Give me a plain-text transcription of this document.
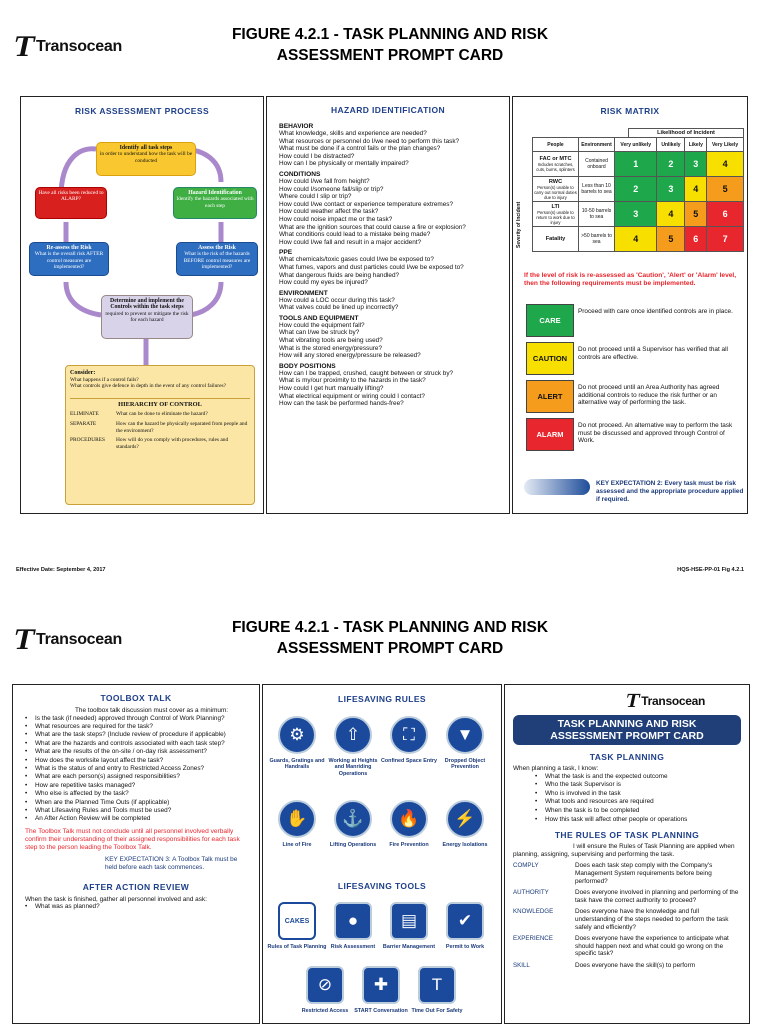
T
Transocean
FIGURE 4.2.1 - TASK PLANNING AND RISK
ASSESSMENT PROMPT CARD
RISK ASSESSMENT PROCESS
Identify all task steps
in order to understand how the task will be conducted
Have all risks been reduced to ALARP?
Hazard Identification
Identify the hazards associated with each step
Re-assess the Risk
What is the overall risk AFTER control measures are implemented?
Assess the Risk
What is the risk of the hazards BEFORE control measures are implemented?
Determine and implement the Controls within the task steps
required to prevent or mitigate the risk for each hazard
Consider:
What happens if a control fails?
What controls give defence in depth in the event of any control failures?
HIERARCHY OF CONTROL
ELIMINATE	What can be done to eliminate the hazard?
SEPARATE	How can the hazard be physically separated from people and the environment?
PROCEDURES	How will do you comply with procedures, rules and standards?
HAZARD IDENTIFICATION
BEHAVIOR
What knowledge, skills and experience are needed?
What resources or personnel do I/we need to perform this task?
What must be done if a control fails or the plan changes?
How could I be distracted?
How can I be physically or mentally impaired?
CONDITIONS
How could I/we fall from height?
How could I/someone fall/slip or trip?
Where could I slip or trip?
How could I/we contact or experience temperature extremes?
How could weather affect the task?
How could noise impact me or the task?
What are the ignition sources that could cause a fire or explosion?
What conditions could lead to a mistake being made?
How could I/we fall and result in a major accident?
PPE
What chemicals/toxic gases could I/we be exposed to?
What fumes, vapors and dust particles could I/we be exposed to?
What dangerous fluids are being handled?
How could my eyes be injured?
ENVIRONMENT
How could a LOC occur during this task?
What valves could be lined up incorrectly?
TOOLS AND EQUIPMENT
How could the equipment fall?
What can I/we be struck by?
What vibrating tools are being used?
What is the stored energy/pressure?
How will any stored energy/pressure be released?
BODY POSITIONS
How can I be trapped, crushed, caught between or struck by?
What is my/our proximity to the hazards in the task?
How could I get hurt manually lifting?
What electrical equipment or wiring could I contact?
How can the task be performed hands-free?
RISK MATRIX
Likelihood of Incident
Severity of Incident
People	Environment	Very unlikely	Unlikely	Likely	Very Likely

FAC or MTC
Includes scratches, cuts, burns, splinters	Contained onboard	1	2	3	4

RWC
Person(s) unable to carry out normal duties due to injury	Less than 10 barrels to sea	2	3	4	5

LTI
Person(s) unable to return to work due to injury	10-50 barrels to sea	3	4	5	6

Fatality	>50 barrels to sea	4	5	6	7
If the level of risk is re-assessed as 'Caution', 'Alert' or 'Alarm' level, then the following requirements must be implemented.
CARE
Proceed with care once identified controls are in place.
CAUTION
Do not proceed until a Supervisor has verified that all controls are effective.
ALERT
Do not proceed until an Area Authority has agreed additional controls to reduce the risk further or an alternative way of performing the task.
ALARM
Do not proceed. An alternative way to perform the task must be discussed and approved through Control of Work.
KEY EXPECTATION 2: Every task must be risk assessed and the appropriate procedure applied if required.
Effective Date: September 4, 2017	HQS-HSE-PP-01 Fig 4.2.1
T
Transocean
FIGURE 4.2.1 - TASK PLANNING AND RISK
ASSESSMENT PROMPT CARD
TOOLBOX TALK
The toolbox talk discussion must cover as a minimum:
• Is the task (if needed) approved through Control of Work Planning?
• What resources are required for the task?
• What are the task steps? (Include review of procedure if applicable)
• What are the hazards and controls associated with each task step?
• What are the results of the on-site / on-day risk assessment?
• How does the worksite layout affect the task?
• What is the status of and entry to Restricted Access Zones?
• What are each person(s) assigned responsibilities?
• How are repetitive tasks managed?
• Who else is affected by the task?
• When are the Planned Time Outs (if applicable)
• What Lifesaving Rules and Tools must be used?
• An After Action Review will be completed
The Toolbox Talk must not conclude until all personnel involved verbally confirm their understanding of their assigned responsibilities for each task step to the person leading the Toolbox Talk.
KEY EXPECTATION 3: A Toolbox Talk must be held before each task commences.
AFTER ACTION REVIEW
When the task is finished, gather all personnel involved and ask:
• What was as planned?
LIFESAVING RULES
LIFESAVING TOOLS
⚙
Guards, Gratings and Handrails
⇧
Working at Heights and Manriding Operations
⛶
Confined Space Entry
▼
Dropped Object Prevention
✋
Line of Fire
⚓
Lifting Operations
🔥
Fire Prevention
⚡
Energy Isolations
CAKES
Rules of Task Planning
●
Risk Assessment
▤
Barrier Management
✔
Permit to Work
⊘
Restricted Access
✚
START Conversation
T
Time Out For Safety
T Transocean
TASK PLANNING AND RISK ASSESSMENT PROMPT CARD
TASK PLANNING
When planning a task, I know:
• What the task is and the expected outcome
• Who the task Supervisor is
• Who is involved in the task
• What tools and resources are required
• When the task is to be completed
• How this task will affect other people or operations
THE RULES OF TASK PLANNING
I will ensure the Rules of Task Planning are applied when planning, assigning, supervising and performing the task.
COMPLY	Does each task step comply with the Company's Management System requirements before being performed?
AUTHORITY	Does everyone involved in planning and performing of the task have the correct authority to proceed?
KNOWLEDGE	Does everyone have the knowledge and full understanding of the steps needed to perform the task safely and efficiently?
EXPERIENCE	Does everyone have the experience to anticipate what should happen next and what could go wrong on the specific task?
SKILL	Does everyone have the skill(s) to perform
